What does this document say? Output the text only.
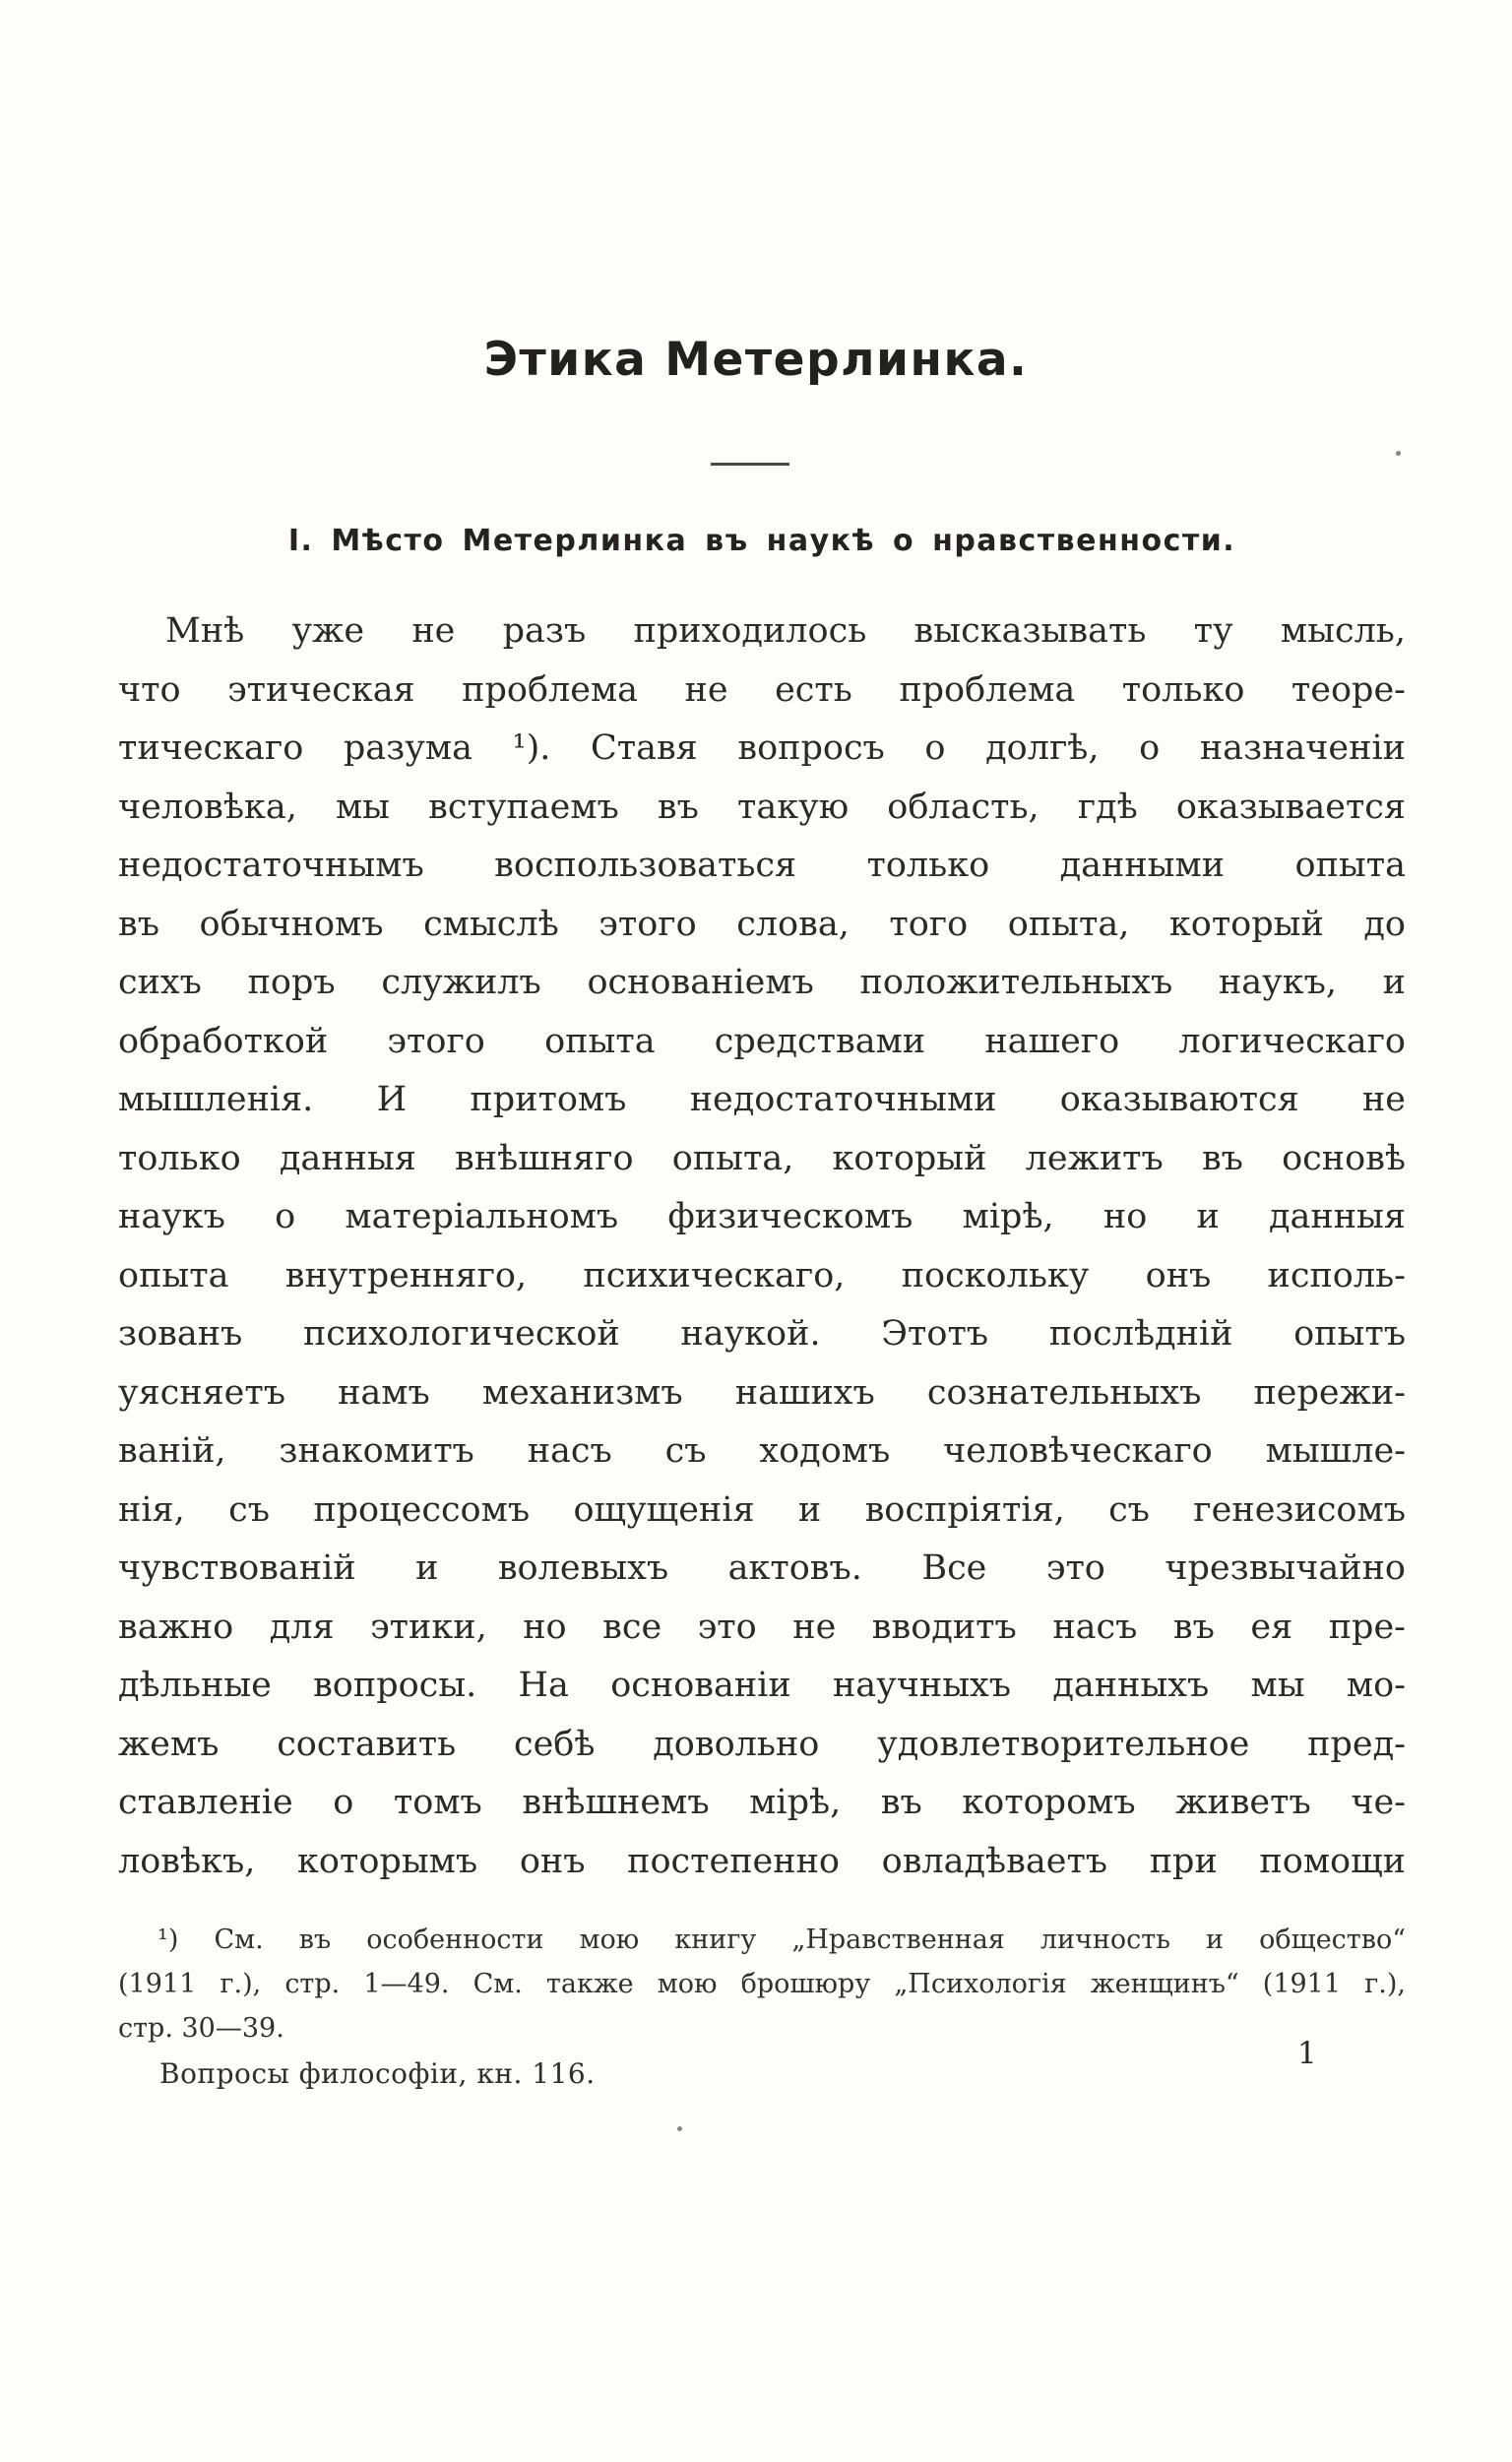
Этика Метерлинка.
I. Мѣсто Метерлинка въ наукѣ о нравственности.
Мнѣ уже не разъ приходилось высказывать ту мысль,
что этическая проблема не есть проблема только теоре-
тическаго разума ¹). Ставя вопросъ о долгѣ, о назначеніи
человѣка, мы вступаемъ въ такую область, гдѣ оказывается
недостаточнымъ воспользоваться только данными опыта
въ обычномъ смыслѣ этого слова, того опыта, который до
сихъ поръ служилъ основаніемъ положительныхъ наукъ, и
обработкой этого опыта средствами нашего логическаго
мышленія. И притомъ недостаточными оказываются не
только данныя внѣшняго опыта, который лежитъ въ основѣ
наукъ о матеріальномъ физическомъ мірѣ, но и данныя
опыта внутренняго, психическаго, поскольку онъ исполь-
зованъ психологической наукой. Этотъ послѣдній опытъ
уясняетъ намъ механизмъ нашихъ сознательныхъ пережи-
ваній, знакомитъ насъ съ ходомъ человѣческаго мышле-
нія, съ процессомъ ощущенія и воспріятія, съ генезисомъ
чувствованій и волевыхъ актовъ. Все это чрезвычайно
важно для этики, но все это не вводитъ насъ въ ея пре-
дѣльные вопросы. На основаніи научныхъ данныхъ мы мо-
жемъ составить себѣ довольно удовлетворительное пред-
ставленіе о томъ внѣшнемъ мірѣ, въ которомъ живетъ че-
ловѣкъ, которымъ онъ постепенно овладѣваетъ при помощи
¹) См. въ особенности мою книгу „Нравственная личность и общество“
(1911 г.), стр. 1—49. См. также мою брошюру „Психологія женщинъ“ (1911 г.),
стр. 30—39.
Вопросы философіи, кн. 116.
1
